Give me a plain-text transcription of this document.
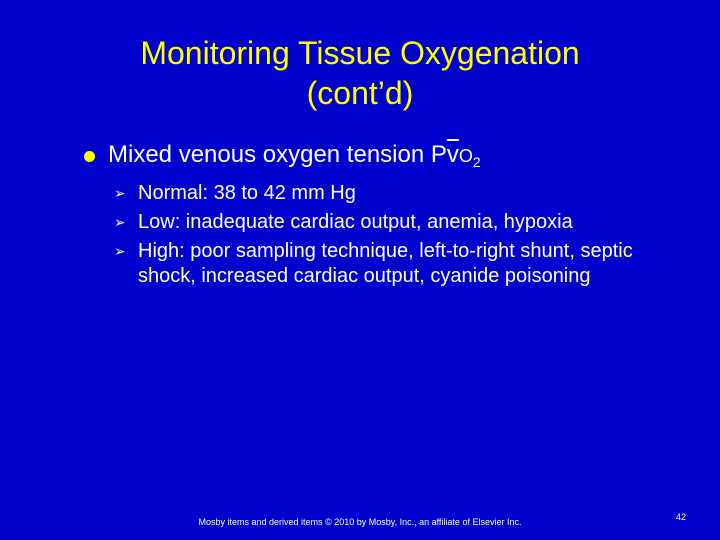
Monitoring Tissue Oxygenation
(cont’d)
Mixed venous oxygen tension $P\overline{v}O_2$
➢ Normal: 38 to 42 mm Hg
➢ Low: inadequate cardiac output, anemia, hypoxia
➢ High: poor sampling technique, left-to-right shunt, septic shock, increased cardiac output, cyanide poisoning
Mosby items and derived items © 2010 by Mosby, Inc., an affiliate of Elsevier Inc.	42
